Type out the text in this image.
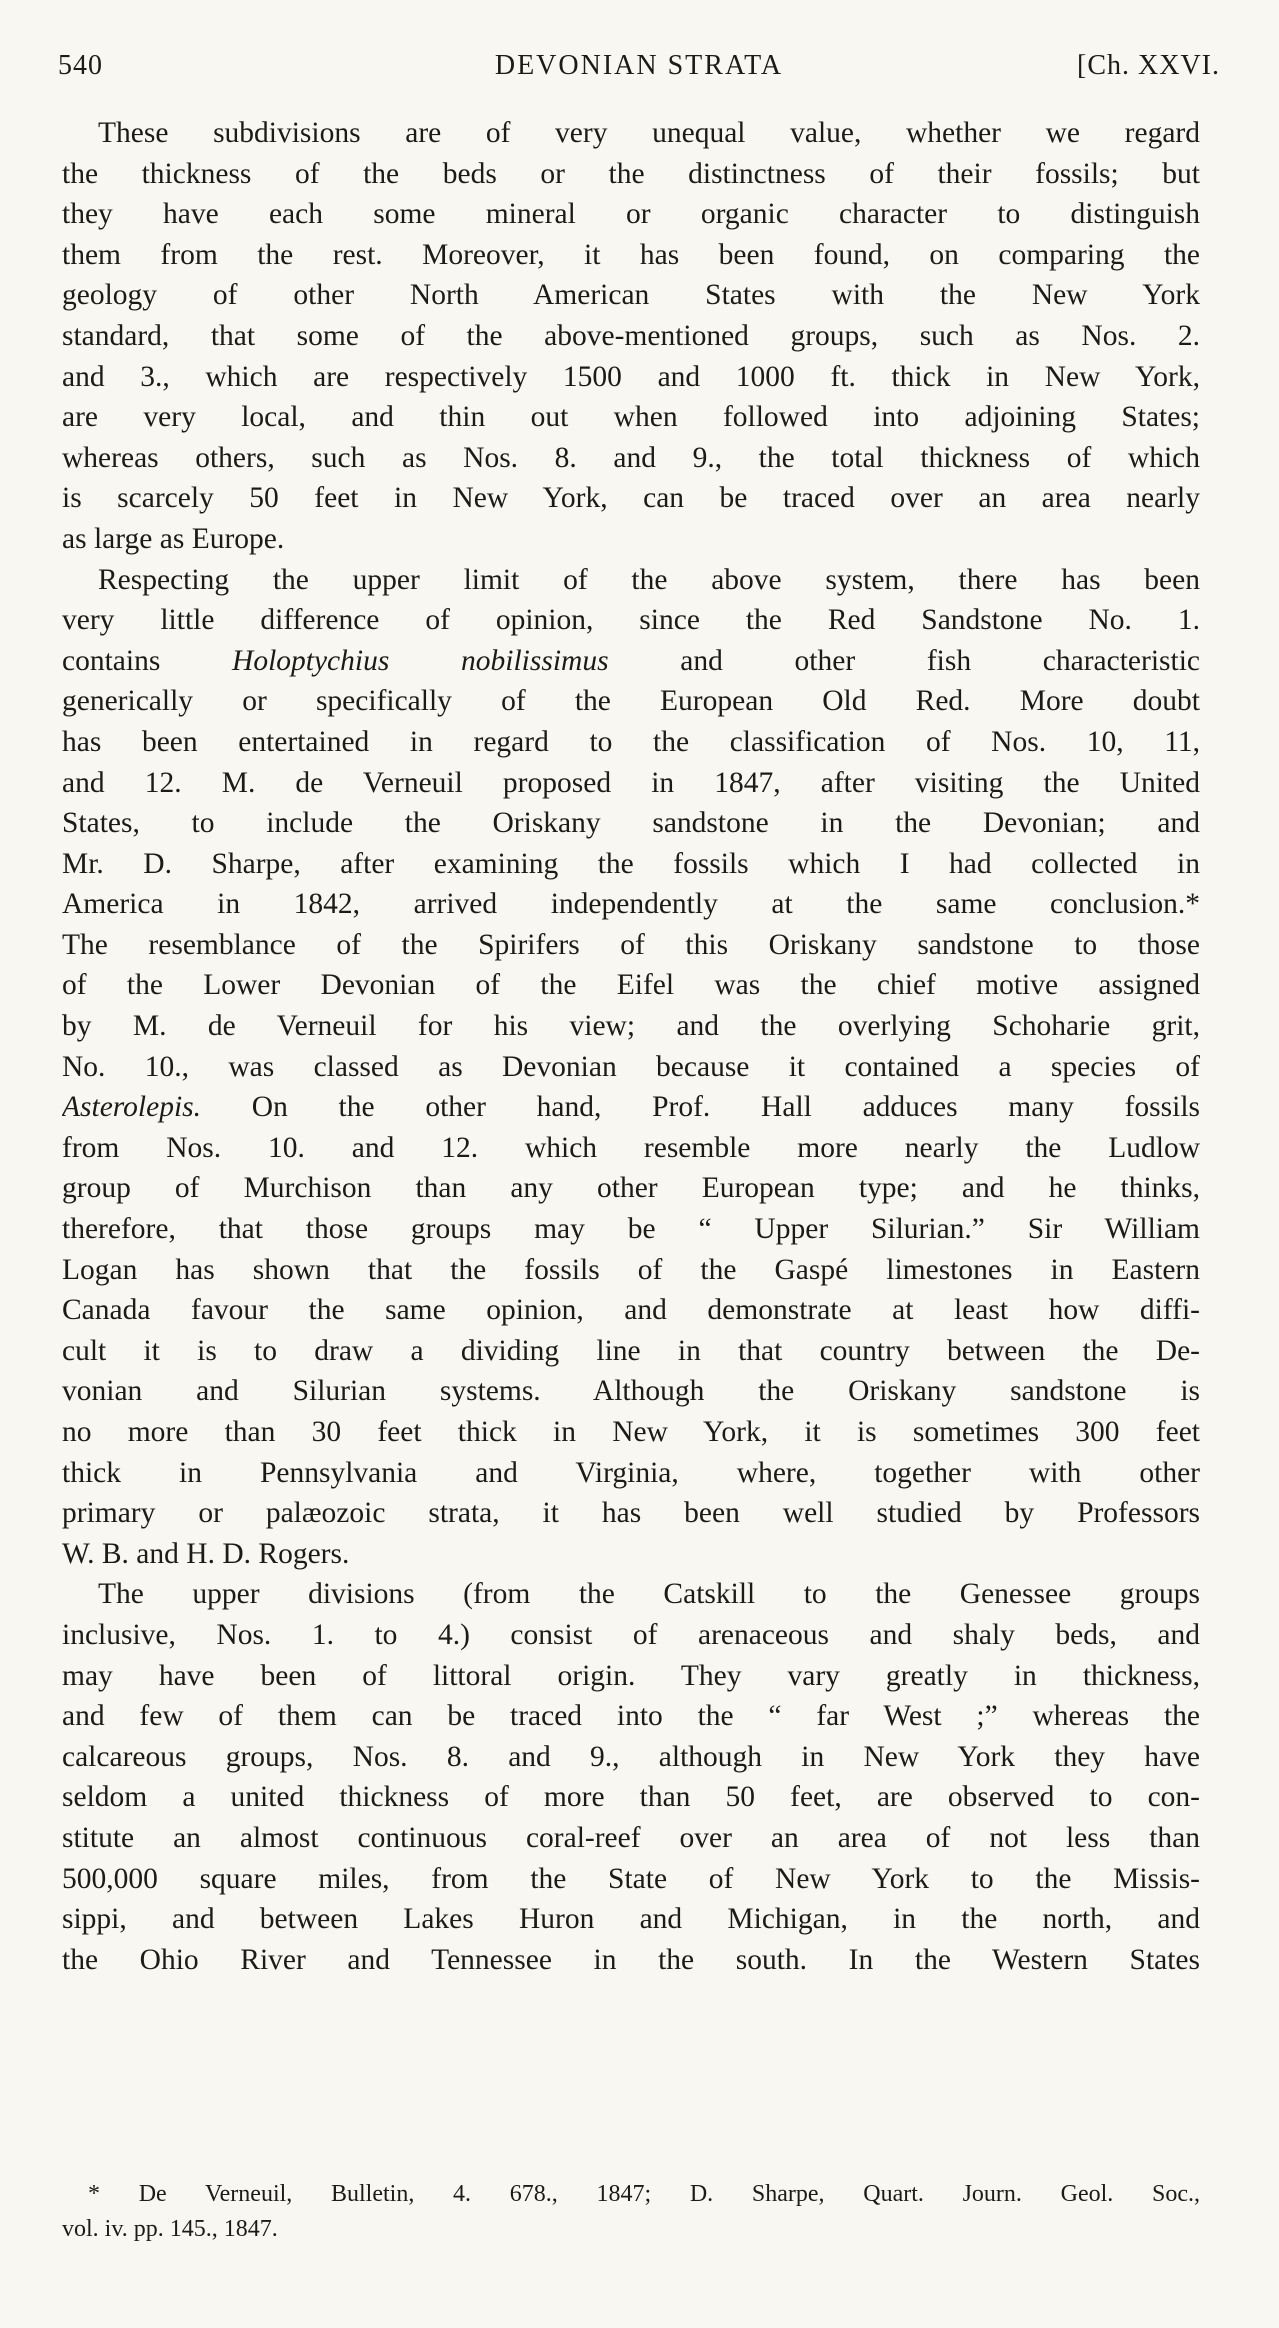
540	DEVONIAN STRATA	[Ch. XXVI.
These subdivisions are of very unequal value, whether we regard
the thickness of the beds or the distinctness of their fossils; but
they have each some mineral or organic character to distinguish
them from the rest. Moreover, it has been found, on comparing the
geology of other North American States with the New York
standard, that some of the above-mentioned groups, such as Nos. 2.
and 3., which are respectively 1500 and 1000 ft. thick in New York,
are very local, and thin out when followed into adjoining States;
whereas others, such as Nos. 8. and 9., the total thickness of which
is scarcely 50 feet in New York, can be traced over an area nearly
as large as Europe.
Respecting the upper limit of the above system, there has been
very little difference of opinion, since the Red Sandstone No. 1.
contains Holoptychius nobilissimus and other fish characteristic
generically or specifically of the European Old Red. More doubt
has been entertained in regard to the classification of Nos. 10, 11,
and 12. M. de Verneuil proposed in 1847, after visiting the United
States, to include the Oriskany sandstone in the Devonian; and
Mr. D. Sharpe, after examining the fossils which I had collected in
America in 1842, arrived independently at the same conclusion.*
The resemblance of the Spirifers of this Oriskany sandstone to those
of the Lower Devonian of the Eifel was the chief motive assigned
by M. de Verneuil for his view; and the overlying Schoharie grit,
No. 10., was classed as Devonian because it contained a species of
Asterolepis. On the other hand, Prof. Hall adduces many fossils
from Nos. 10. and 12. which resemble more nearly the Ludlow
group of Murchison than any other European type; and he thinks,
therefore, that those groups may be “ Upper Silurian.” Sir William
Logan has shown that the fossils of the Gaspé limestones in Eastern
Canada favour the same opinion, and demonstrate at least how diffi-
cult it is to draw a dividing line in that country between the De-
vonian and Silurian systems. Although the Oriskany sandstone is
no more than 30 feet thick in New York, it is sometimes 300 feet
thick in Pennsylvania and Virginia, where, together with other
primary or palæozoic strata, it has been well studied by Professors
W. B. and H. D. Rogers.
The upper divisions (from the Catskill to the Genessee groups
inclusive, Nos. 1. to 4.) consist of arenaceous and shaly beds, and
may have been of littoral origin. They vary greatly in thickness,
and few of them can be traced into the “ far West ;” whereas the
calcareous groups, Nos. 8. and 9., although in New York they have
seldom a united thickness of more than 50 feet, are observed to con-
stitute an almost continuous coral-reef over an area of not less than
500,000 square miles, from the State of New York to the Missis-
sippi, and between Lakes Huron and Michigan, in the north, and
the Ohio River and Tennessee in the south. In the Western States
* De Verneuil, Bulletin, 4. 678., 1847; D. Sharpe, Quart. Journ. Geol. Soc.,
vol. iv. pp. 145., 1847.
